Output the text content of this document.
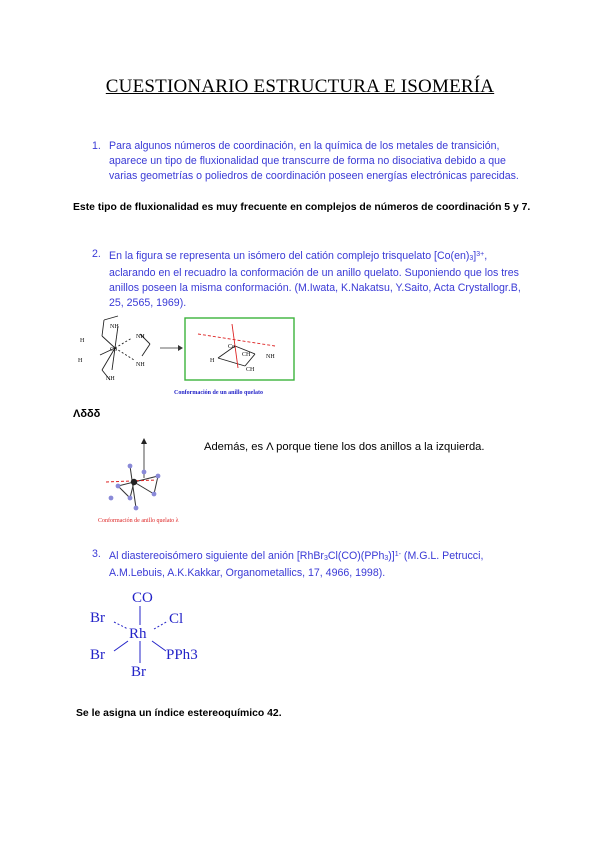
CUESTIONARIO ESTRUCTURA E ISOMERÍA
1. Para algunos números de coordinación, en la química de los metales de transición, aparece un tipo de fluxionalidad que transcurre de forma no disociativa debido a que varias geometrías o poliedros de coordinación poseen energías electrónicas parecidas.
Este tipo de fluxionalidad es muy frecuente en complejos de números de coordinación 5 y 7.
2. En la figura se representa un isómero del catión complejo trisquelato $[Co(en)_3]^{3+}$, aclarando en el recuadro la conformación de un anillo quelato. Suponiendo que los tres anillos poseen la misma conformación. (M.Iwata, K.Nakatsu, Y.Saito, Acta Crystallogr.B, 25, 2565, 1969).
NH
NH
NH
NH
H
H
Co	Co
H
CH	NH
CH
Conformación de un anillo quelato
Λδδδ
Conformación de anillo quelato λ
Además, es Λ porque tiene los dos anillos a la izquierda.
3. Al diastereoisómero siguiente del anión [RhBr$_3$Cl(CO)(PPh$_3$)]$^{1-}$ (M.G.L. Petrucci, A.M.Lebuis, A.K.Kakkar, Organometallics, 17, 4966, 1998).
CO
Br	Cl
Rh
Br	PPh3
Br
Se le asigna un índice estereoquímico 42.
